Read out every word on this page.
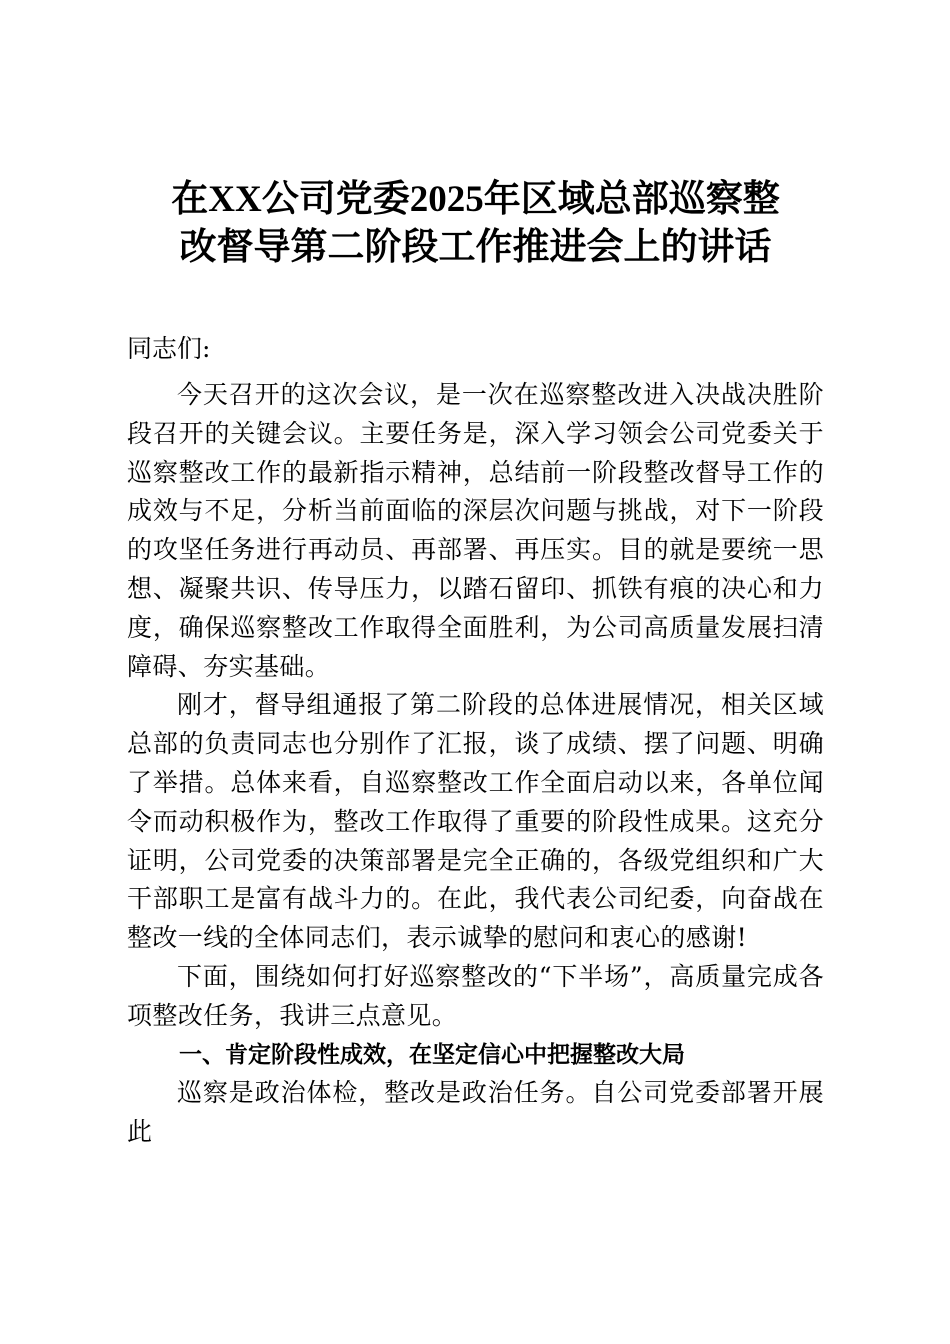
在XX公司党委2025年区域总部巡察整
改督导第二阶段工作推进会上的讲话
同志们:

今天召开的这次会议，是一次在巡察整改进入决战决胜阶段召开的关键会议。主要任务是，深入学习领会公司党委关于巡察整改工作的最新指示精神，总结前一阶段整改督导工作的成效与不足，分析当前面临的深层次问题与挑战，对下一阶段的攻坚任务进行再动员、再部署、再压实。目的就是要统一思想、凝聚共识、传导压力，以踏石留印、抓铁有痕的决心和力度，确保巡察整改工作取得全面胜利，为公司高质量发展扫清障碍、夯实基础。

刚才，督导组通报了第二阶段的总体进展情况，相关区域总部的负责同志也分别作了汇报，谈了成绩、摆了问题、明确了举措。总体来看，自巡察整改工作全面启动以来，各单位闻令而动积极作为，整改工作取得了重要的阶段性成果。这充分证明，公司党委的决策部署是完全正确的，各级党组织和广大干部职工是富有战斗力的。在此，我代表公司纪委，向奋战在整改一线的全体同志们，表示诚挚的慰问和衷心的感谢!

下面，围绕如何打好巡察整改的“下半场”，高质量完成各项整改任务，我讲三点意见。

一、肯定阶段性成效，在坚定信心中把握整改大局

巡察是政治体检，整改是政治任务。自公司党委部署开展此
